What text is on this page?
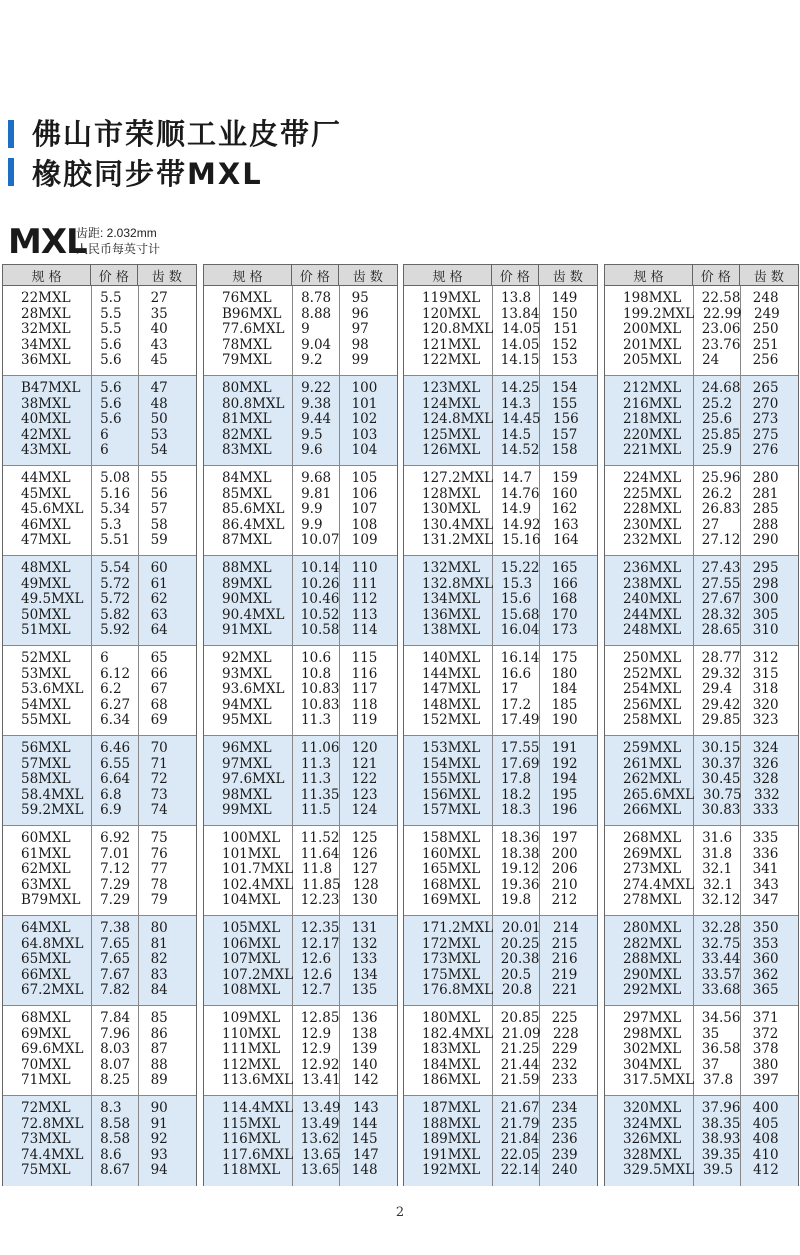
佛山市荣顺工业皮带厂
橡胶同步带MXL
MXL
齿距: 2.032mm
人民币每英寸计
规 格	价 格	齿 数
22MXL	5.5	27
28MXL	5.5	35
32MXL	5.5	40
34MXL	5.6	43
36MXL	5.6	45
B47MXL	5.6	47
38MXL	5.6	48
40MXL	5.6	50
42MXL	6	53
43MXL	6	54
44MXL	5.08	55
45MXL	5.16	56
45.6MXL	5.34	57
46MXL	5.3	58
47MXL	5.51	59
48MXL	5.54	60
49MXL	5.72	61
49.5MXL	5.72	62
50MXL	5.82	63
51MXL	5.92	64
52MXL	6	65
53MXL	6.12	66
53.6MXL	6.2	67
54MXL	6.27	68
55MXL	6.34	69
56MXL	6.46	70
57MXL	6.55	71
58MXL	6.64	72
58.4MXL	6.8	73
59.2MXL	6.9	74
60MXL	6.92	75
61MXL	7.01	76
62MXL	7.12	77
63MXL	7.29	78
B79MXL	7.29	79
64MXL	7.38	80
64.8MXL	7.65	81
65MXL	7.65	82
66MXL	7.67	83
67.2MXL	7.82	84
68MXL	7.84	85
69MXL	7.96	86
69.6MXL	8.03	87
70MXL	8.07	88
71MXL	8.25	89
72MXL	8.3	90
72.8MXL	8.58	91
73MXL	8.58	92
74.4MXL	8.6	93
75MXL	8.67	94
规 格	价 格	齿 数
76MXL	8.78	95
B96MXL	8.88	96
77.6MXL	9	97
78MXL	9.04	98
79MXL	9.2	99
80MXL	9.22	100
80.8MXL	9.38	101
81MXL	9.44	102
82MXL	9.5	103
83MXL	9.6	104
84MXL	9.68	105
85MXL	9.81	106
85.6MXL	9.9	107
86.4MXL	9.9	108
87MXL	10.07 109
88MXL	10.14 110
89MXL	10.26 111
90MXL	10.46 112
90.4MXL	10.52 113
91MXL	10.58 114
92MXL	10.6	115
93MXL	10.8	116
93.6MXL	10.83 117
94MXL	10.83 118
95MXL	11.3	119
96MXL	11.06 120
97MXL	11.3	121
97.6MXL	11.3	122
98MXL	11.35 123
99MXL	11.5	124
100MXL	11.52 125
101MXL	11.64 126
101.7MXL 11.8	127
102.4MXL 11.85 128
104MXL	12.23 130
105MXL	12.35 131
106MXL	12.17 132
107MXL	12.6	133
107.2MXL 12.6	134
108MXL	12.7	135
109MXL	12.85 136
110MXL	12.9	138
111MXL	12.9	139
112MXL	12.92 140
113.6MXL 13.41 142
114.4MXL 13.49 143
115MXL	13.49 144
116MXL	13.62 145
117.6MXL 13.65 147
118MXL	13.65 148
规 格	价 格	齿 数
119MXL	13.8	149
120MXL	13.84 150
120.8MXL 14.05 151
121MXL	14.05 152
122MXL	14.15 153
123MXL	14.25 154
124MXL	14.3	155
124.8MXL 14.45 156
125MXL	14.5	157
126MXL	14.52 158
127.2MXL 14.7	159
128MXL	14.76 160
130MXL	14.9	162
130.4MXL 14.92 163
131.2MXL 15.16 164
132MXL	15.22 165
132.8MXL 15.3	166
134MXL	15.6	168
136MXL	15.68 170
138MXL	16.04 173
140MXL	16.14 175
144MXL	16.6	180
147MXL	17	184
148MXL	17.2	185
152MXL	17.49 190
153MXL	17.55 191
154MXL	17.69 192
155MXL	17.8	194
156MXL	18.2	195
157MXL	18.3	196
158MXL	18.36 197
160MXL	18.38 200
165MXL	19.12 206
168MXL	19.36 210
169MXL	19.8	212
171.2MXL 20.01 214
172MXL	20.25 215
173MXL	20.38 216
175MXL	20.5	219
176.8MXL 20.8	221
180MXL	20.85 225
182.4MXL 21.09 228
183MXL	21.25 229
184MXL	21.44 232
186MXL	21.59 233
187MXL	21.67 234
188MXL	21.79 235
189MXL	21.84 236
191MXL	22.05 239
192MXL	22.14 240
规 格	价 格	齿 数
198MXL	22.58 248
199.2MXL 22.99 249
200MXL	23.06 250
201MXL	23.76 251
205MXL	24	256
212MXL	24.68 265
216MXL	25.2	270
218MXL	25.6	273
220MXL	25.85 275
221MXL	25.9	276
224MXL	25.96 280
225MXL	26.2	281
228MXL	26.83 285
230MXL	27	288
232MXL	27.12 290
236MXL	27.43 295
238MXL	27.55 298
240MXL	27.67 300
244MXL	28.32 305
248MXL	28.65 310
250MXL	28.77 312
252MXL	29.32 315
254MXL	29.4	318
256MXL	29.42 320
258MXL	29.85 323
259MXL	30.15 324
261MXL	30.37 326
262MXL	30.45 328
265.6MXL 30.75 332
266MXL	30.83 333
268MXL	31.6	335
269MXL	31.8	336
273MXL	32.1	341
274.4MXL 32.1	343
278MXL	32.12 347
280MXL	32.28 350
282MXL	32.75 353
288MXL	33.44 360
290MXL	33.57 362
292MXL	33.68 365
297MXL	34.56 371
298MXL	35	372
302MXL	36.58 378
304MXL	37	380
317.5MXL 37.8	397
320MXL	37.96 400
324MXL	38.35 405
326MXL	38.93 408
328MXL	39.35 410
329.5MXL 39.5	412
2
